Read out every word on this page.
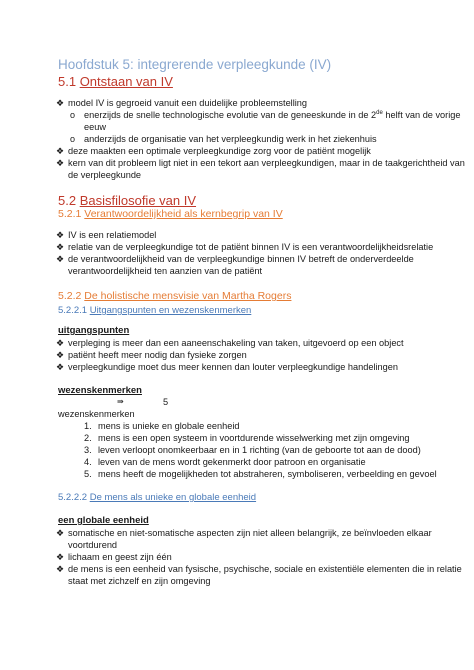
Hoofdstuk 5: integrerende verpleegkunde (IV)
5.1 Ontstaan van IV
❖ model IV is gegroeid vanuit een duidelijke probleemstelling
o enerzijds de snelle technologische evolutie van de geneeskunde in de 2de helft van de vorige
eeuw
o anderzijds de organisatie van het verpleegkundig werk in het ziekenhuis
❖ deze maakten een optimale verpleegkundige zorg voor de patiënt mogelijk
❖ kern van dit probleem ligt niet in een tekort aan verpleegkundigen, maar in de taakgerichtheid van
de verpleegkunde
5.2 Basisfilosofie van IV
5.2.1 Verantwoordelijkheid als kernbegrip van IV
❖ IV is een relatiemodel
❖ relatie van de verpleegkundige tot de patiënt binnen IV is een verantwoordelijkheidsrelatie
❖ de verantwoordelijkheid van de verpleegkundige binnen IV betreft de onderverdeelde
verantwoordelijkheid ten aanzien van de patiënt
5.2.2 De holistische mensvisie van Martha Rogers
5.2.2.1 Uitgangspunten en wezenskenmerken
uitgangspunten
❖ verpleging is meer dan een aaneenschakeling van taken, uitgevoerd op een object
❖ patiënt heeft meer nodig dan fysieke zorgen
❖ verpleegkundige moet dus meer kennen dan louter verpleegkundige handelingen
wezenskenmerken
⇛	5
wezenskenmerken
1. mens is unieke en globale eenheid
2. mens is een open systeem in voortdurende wisselwerking met zijn omgeving
3. leven verloopt onomkeerbaar en in 1 richting (van de geboorte tot aan de dood)
4. leven van de mens wordt gekenmerkt door patroon en organisatie
5. mens heeft de mogelijkheden tot abstraheren, symboliseren, verbeelding en gevoel
5.2.2.2 De mens als unieke en globale eenheid
een globale eenheid
❖ somatische en niet-somatische aspecten zijn niet alleen belangrijk, ze beïnvloeden elkaar
voortdurend
❖ lichaam en geest zijn één
❖ de mens is een eenheid van fysische, psychische, sociale en existentiële elementen die in relatie
staat met zichzelf en zijn omgeving
